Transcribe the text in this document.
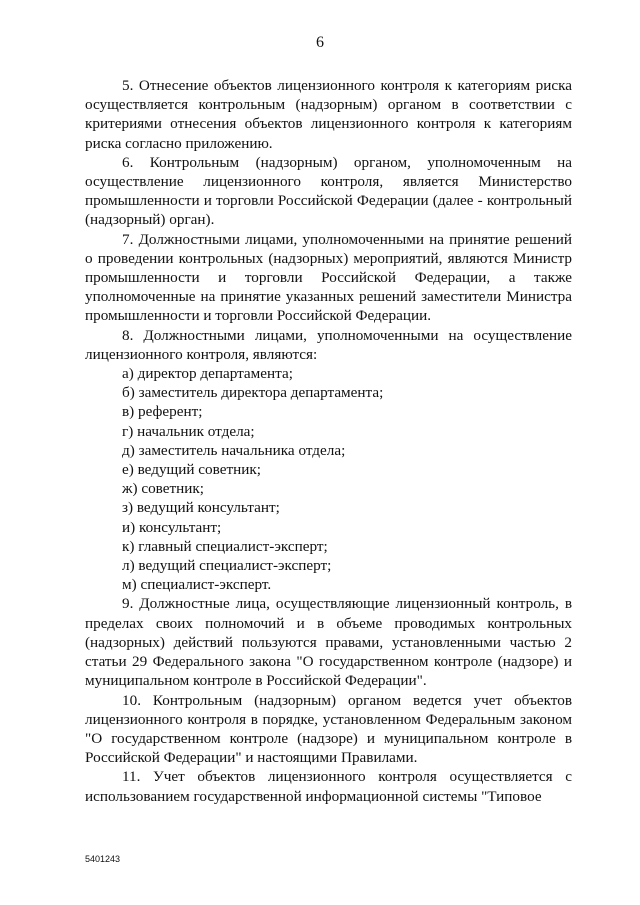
6

5. Отнесение объектов лицензионного контроля к категориям риска осуществляется контрольным (надзорным) органом в соответствии с критериями отнесения объектов лицензионного контроля к категориям риска согласно приложению.

6. Контрольным (надзорным) органом, уполномоченным на осуществление лицензионного контроля, является Министерство промышленности и торговли Российской Федерации (далее - контрольный (надзорный) орган).

7. Должностными лицами, уполномоченными на принятие решений о проведении контрольных (надзорных) мероприятий, являются Министр промышленности и торговли Российской Федерации, а также уполномоченные на принятие указанных решений заместители Министра промышленности и торговли Российской Федерации.

8. Должностными лицами, уполномоченными на осуществление лицензионного контроля, являются:

а) директор департамента;

б) заместитель директора департамента;

в) референт;

г) начальник отдела;

д) заместитель начальника отдела;

е) ведущий советник;

ж) советник;

з) ведущий консультант;

и) консультант;

к) главный специалист-эксперт;

л) ведущий специалист-эксперт;

м) специалист-эксперт.

9. Должностные лица, осуществляющие лицензионный контроль, в пределах своих полномочий и в объеме проводимых контрольных (надзорных) действий пользуются правами, установленными частью 2 статьи 29 Федерального закона "О государственном контроле (надзоре) и муниципальном контроле в Российской Федерации".

10. Контрольным (надзорным) органом ведется учет объектов лицензионного контроля в порядке, установленном Федеральным законом "О государственном контроле (надзоре) и муниципальном контроле в Российской Федерации" и настоящими Правилами.

11. Учет объектов лицензионного контроля осуществляется с использованием государственной информационной системы "Типовое

5401243
